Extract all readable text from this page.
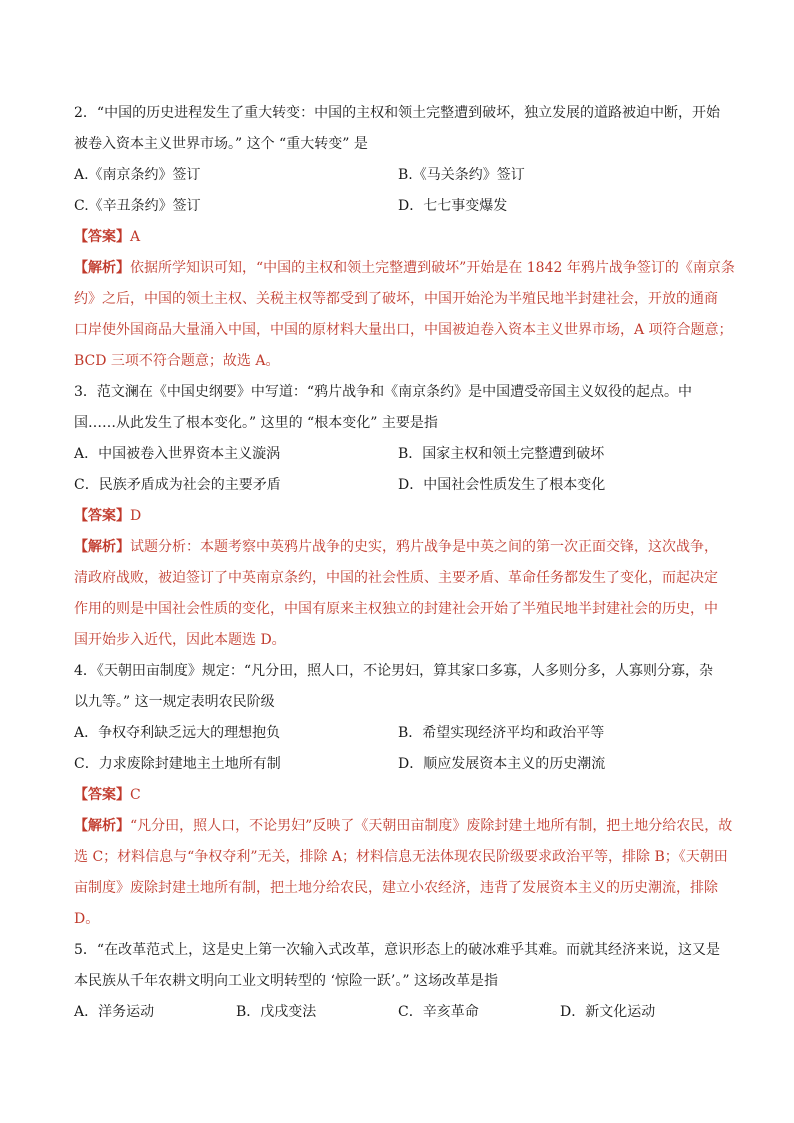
2．“中国的历史进程发生了重大转变：中国的主权和领土完整遭到破坏，独立发展的道路被迫中断，开始
被卷入资本主义世界市场。” 这个 “重大转变” 是
A.《南京条约》签订	B.《马关条约》签订
C.《辛丑条约》签订	D．七七事变爆发
【答案】A
【解析】依据所学知识可知，“中国的主权和领土完整遭到破坏”开始是在 1842 年鸦片战争签订的《南京条
约》之后，中国的领土主权、关税主权等都受到了破坏，中国开始沦为半殖民地半封建社会，开放的通商
口岸使外国商品大量涌入中国，中国的原材料大量出口，中国被迫卷入资本主义世界市场，A 项符合题意；
BCD 三项不符合题意；故选 A。
3．范文澜在《中国史纲要》中写道：“鸦片战争和《南京条约》是中国遭受帝国主义奴役的起点。中
国……从此发生了根本变化。” 这里的 “根本变化” 主要是指
A．中国被卷入世界资本主义漩涡	B．国家主权和领土完整遭到破坏
C．民族矛盾成为社会的主要矛盾	D．中国社会性质发生了根本变化
【答案】D
【解析】试题分析：本题考察中英鸦片战争的史实，鸦片战争是中英之间的第一次正面交锋，这次战争，
清政府战败，被迫签订了中英南京条约，中国的社会性质、主要矛盾、革命任务都发生了变化，而起决定
作用的则是中国社会性质的变化，中国有原来主权独立的封建社会开始了半殖民地半封建社会的历史，中
国开始步入近代，因此本题选 D。
4．《天朝田亩制度》规定：“凡分田，照人口，不论男妇，算其家口多寡，人多则分多，人寡则分寡，杂
以九等。” 这一规定表明农民阶级
A．争权夺利缺乏远大的理想抱负	B．希望实现经济平均和政治平等
C．力求废除封建地主土地所有制	D．顺应发展资本主义的历史潮流
【答案】C
【解析】“凡分田，照人口，不论男妇”反映了《天朝田亩制度》废除封建土地所有制，把土地分给农民，故
选 C；材料信息与“争权夺利”无关，排除 A；材料信息无法体现农民阶级要求政治平等，排除 B；《天朝田
亩制度》废除封建土地所有制，把土地分给农民，建立小农经济，违背了发展资本主义的历史潮流，排除
D。
5．“在改革范式上，这是史上第一次输入式改革，意识形态上的破冰难乎其难。而就其经济来说，这又是
本民族从千年农耕文明向工业文明转型的 ‘惊险一跃’。” 这场改革是指
A．洋务运动	B．戊戌变法	C．辛亥革命	D．新文化运动
